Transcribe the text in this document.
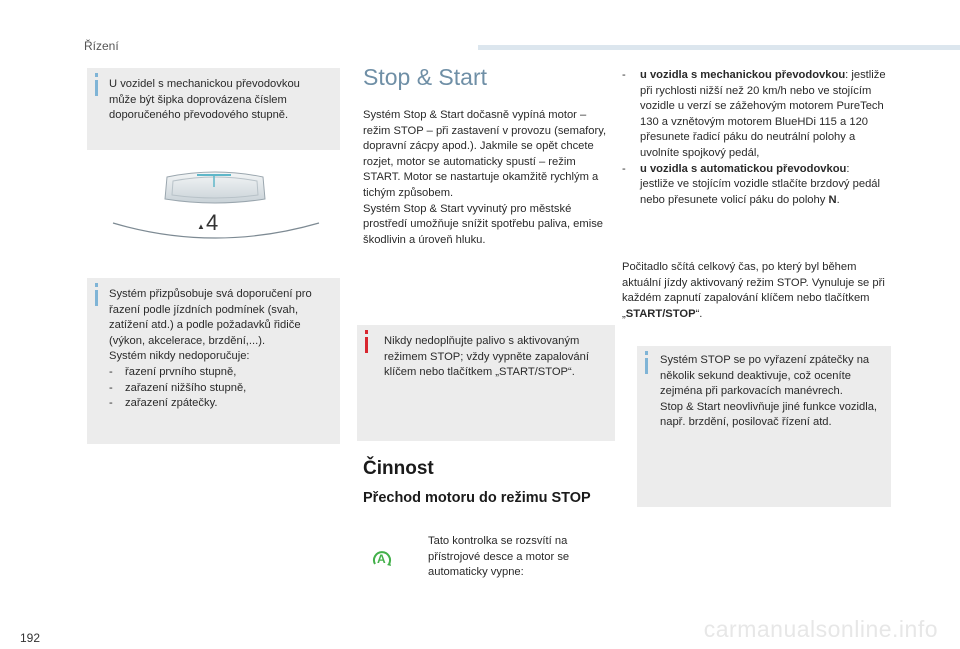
Řízení
U vozidel s mechanickou převodovkou může být šipka doprovázena číslem doporučeného převodového stupně.
▲ 4
Systém přizpůsobuje svá doporučení pro řazení podle jízdních podmínek (svah, zatížení atd.) a podle požadavků řidiče (výkon, akcelerace, brzdění,...).
Systém nikdy nedoporučuje:
- řazení prvního stupně,
- zařazení nižšího stupně,
- zařazení zpátečky.
Stop & Start
Systém Stop & Start dočasně vypíná motor – režim STOP – při zastavení v provozu (semafory, dopravní zácpy apod.). Jakmile se opět chcete rozjet, motor se automaticky spustí – režim START. Motor se nastartuje okamžitě rychlým a tichým způsobem.
Systém Stop & Start vyvinutý pro městské prostředí umožňuje snížit spotřebu paliva, emise škodlivin a úroveň hluku.
Nikdy nedoplňujte palivo s aktivovaným režimem STOP; vždy vypněte zapalování klíčem nebo tlačítkem „START/STOP“.
Činnost
Přechod motoru do režimu STOP
A
Tato kontrolka se rozsvítí na přístrojové desce a motor se automaticky vypne:
- u vozidla s mechanickou převodovkou: jestliže při rychlosti nižší než 20 km/h nebo ve stojícím vozidle u verzí se zážehovým motorem PureTech 130 a vznětovým motorem BlueHDi 115 a 120 přesunete řadicí páku do neutrální polohy a uvolníte spojkový pedál,
- u vozidla s automatickou převodovkou: jestliže ve stojícím vozidle stlačíte brzdový pedál nebo přesunete volicí páku do polohy N.
Počitadlo sčítá celkový čas, po který byl během aktuální jízdy aktivovaný režim STOP. Vynuluje se při každém zapnutí zapalování klíčem nebo tlačítkem „START/STOP“.
Systém STOP se po vyřazení zpátečky na několik sekund deaktivuje, což oceníte zejména při parkovacích manévrech.
Stop & Start neovlivňuje jiné funkce vozidla, např. brzdění, posilovač řízení atd.
192	carmanualsonline.info
